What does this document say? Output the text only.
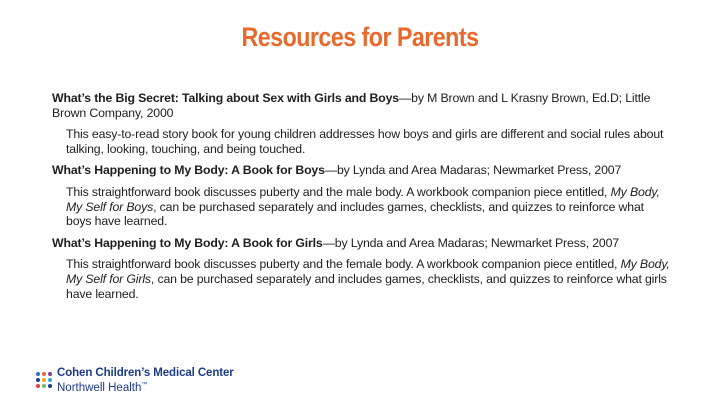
Resources for Parents

What’s the Big Secret: Talking about Sex with Girls and Boys—by M Brown and L Krasny Brown, Ed.D; Little Brown Company, 2000

This easy-to-read story book for young children addresses how boys and girls are different and social rules about talking, looking, touching, and being touched.

What’s Happening to My Body: A Book for Boys—by Lynda and Area Madaras; Newmarket Press, 2007

This straightforward book discusses puberty and the male body. A workbook companion piece entitled, My Body, My Self for Boys, can be purchased separately and includes games, checklists, and quizzes to reinforce what boys have learned.

What’s Happening to My Body: A Book for Girls—by Lynda and Area Madaras; Newmarket Press, 2007

This straightforward book discusses puberty and the female body. A workbook companion piece entitled, My Body, My Self for Girls, can be purchased separately and includes games, checklists, and quizzes to reinforce what girls have learned.

Cohen Children’s Medical Center
Northwell Health™
